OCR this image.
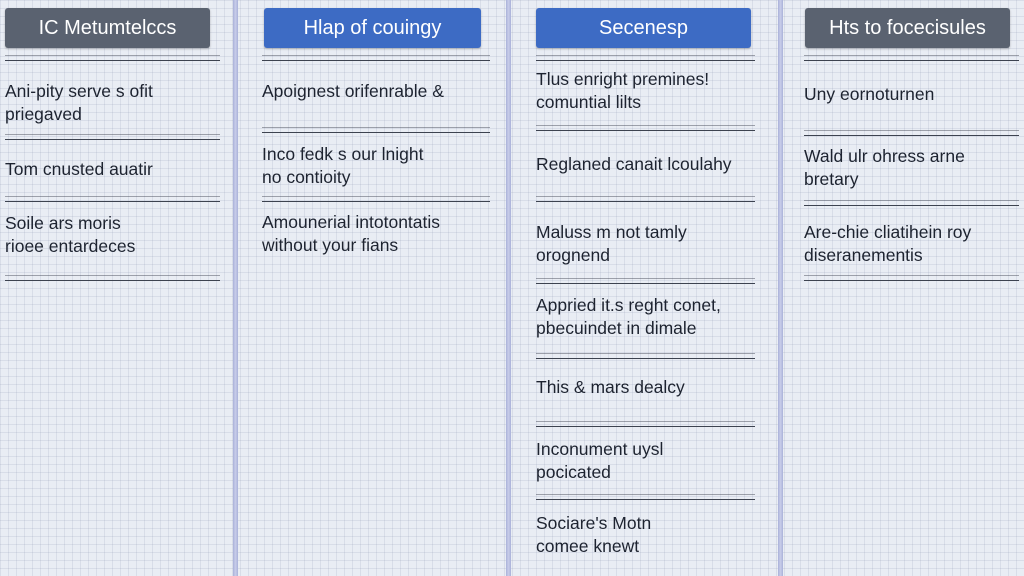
IC Metumtelccs
Ani-pity serve s ofit
priegaved
Tom cnusted auatir
Soile ars moris
rioee entardeces
Hlap of couingy
Apoignest orifenrable &
Inco fedk s our lnight
no contioity
Amounerial intotontatis
without your fians
Secenesp
Tlus enright premines!
comuntial lilts
Reglaned canait lcoulahy
Maluss m not tamly
orognend
Appried it.s reght conet,
pbecuindet in dimale
This & mars dealcy
Inconument uysl
pocicated
Sociare's Motn
comee knewt
Hts to focecisules
Uny eornoturnen
Wald ulr ohress arne
bretary
Are-chie cliatihein roy
diseranementis
